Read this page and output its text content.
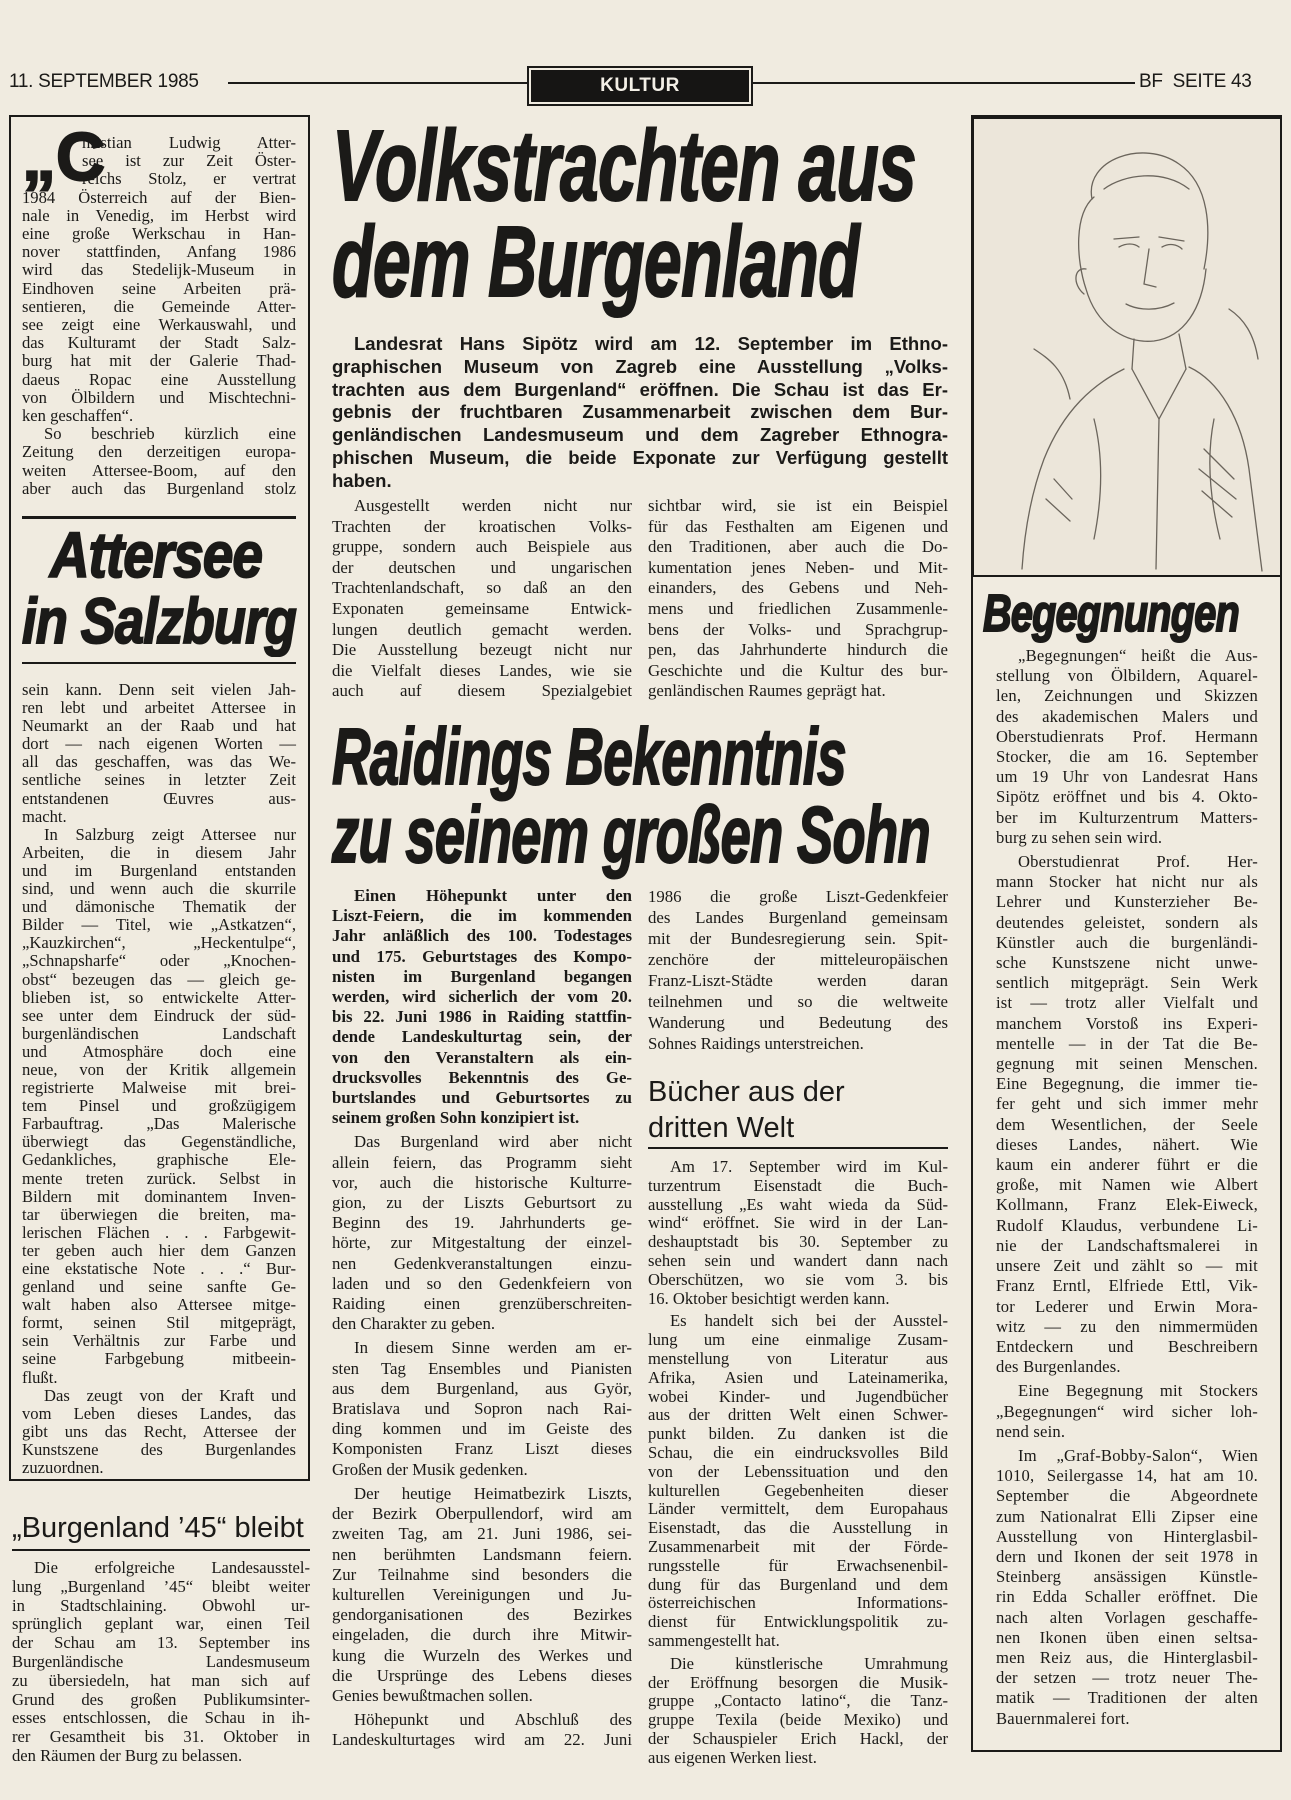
11. SEPTEMBER 1985	KULTUR	BF  SEITE 43
„C
hristian Ludwig Atter-
see ist zur Zeit Öster-
reichs Stolz, er vertrat
1984 Österreich auf der Bien-
nale in Venedig, im Herbst wird
eine große Werkschau in Han-
nover stattfinden, Anfang 1986
wird das Stedelijk-Museum in
Eindhoven seine Arbeiten prä-
sentieren, die Gemeinde Atter-
see zeigt eine Werkauswahl, und
das Kulturamt der Stadt Salz-
burg hat mit der Galerie Thad-
daeus Ropac eine Ausstellung
von Ölbildern und Mischtechni-
ken geschaffen“.
So beschrieb kürzlich eine
Zeitung den derzeitigen europa-
weiten Attersee-Boom, auf den
aber auch das Burgenland stolz
Attersee
in Salzburg
sein kann. Denn seit vielen Jah-
ren lebt und arbeitet Attersee in
Neumarkt an der Raab und hat
dort — nach eigenen Worten —
all das geschaffen, was das We-
sentliche seines in letzter Zeit
entstandenen Œuvres aus-
macht.
In Salzburg zeigt Attersee nur
Arbeiten, die in diesem Jahr
und im Burgenland entstanden
sind, und wenn auch die skurrile
und dämonische Thematik der
Bilder — Titel, wie „Astkatzen“,
„Kauzkirchen“, „Heckentulpe“,
„Schnapsharfe“ oder „Knochen-
obst“ bezeugen das — gleich ge-
blieben ist, so entwickelte Atter-
see unter dem Eindruck der süd-
burgenländischen Landschaft
und Atmosphäre doch eine
neue, von der Kritik allgemein
registrierte Malweise mit brei-
tem Pinsel und großzügigem
Farbauftrag. „Das Malerische
überwiegt das Gegenständliche,
Gedankliches, graphische Ele-
mente treten zurück. Selbst in
Bildern mit dominantem Inven-
tar überwiegen die breiten, ma-
lerischen Flächen . . . Farbgewit-
ter geben auch hier dem Ganzen
eine ekstatische Note . . .“ Bur-
genland und seine sanfte Ge-
walt haben also Attersee mitge-
formt, seinen Stil mitgeprägt,
sein Verhältnis zur Farbe und
seine Farbgebung mitbeein-
flußt.
Das zeugt von der Kraft und
vom Leben dieses Landes, das
gibt uns das Recht, Attersee der
Kunstszene des Burgenlandes
zuzuordnen.
„Burgenland ’45“ bleibt
Die erfolgreiche Landesausstel-
lung „Burgenland ’45“ bleibt weiter
in Stadtschlaining. Obwohl ur-
sprünglich geplant war, einen Teil
der Schau am 13. September ins
Burgenländische Landesmuseum
zu übersiedeln, hat man sich auf
Grund des großen Publikumsinter-
esses entschlossen, die Schau in ih-
rer Gesamtheit bis 31. Oktober in
den Räumen der Burg zu belassen.
Volkstrachten aus
dem Burgenland
Landesrat Hans Sipötz wird am 12. September im Ethno-
graphischen Museum von Zagreb eine Ausstellung „Volks-
trachten aus dem Burgenland“ eröffnen. Die Schau ist das Er-
gebnis der fruchtbaren Zusammenarbeit zwischen dem Bur-
genländischen Landesmuseum und dem Zagreber Ethnogra-
phischen Museum, die beide Exponate zur Verfügung gestellt
haben.
Ausgestellt werden nicht nur
Trachten der kroatischen Volks-
gruppe, sondern auch Beispiele aus
der deutschen und ungarischen
Trachtenlandschaft, so daß an den
Exponaten gemeinsame Entwick-
lungen deutlich gemacht werden.
Die Ausstellung bezeugt nicht nur
die Vielfalt dieses Landes, wie sie
auch auf diesem Spezialgebiet
sichtbar wird, sie ist ein Beispiel
für das Festhalten am Eigenen und
den Traditionen, aber auch die Do-
kumentation jenes Neben- und Mit-
einanders, des Gebens und Neh-
mens und friedlichen Zusammenle-
bens der Volks- und Sprachgrup-
pen, das Jahrhunderte hindurch die
Geschichte und die Kultur des bur-
genländischen Raumes geprägt hat.
Raidings Bekenntnis
zu seinem großen Sohn
Einen Höhepunkt unter den
Liszt-Feiern, die im kommenden
Jahr anläßlich des 100. Todestages
und 175. Geburtstages des Kompo-
nisten im Burgenland begangen
werden, wird sicherlich der vom 20.
bis 22. Juni 1986 in Raiding stattfin-
dende Landeskulturtag sein, der
von den Veranstaltern als ein-
drucksvolles Bekenntnis des Ge-
burtslandes und Geburtsortes zu
seinem großen Sohn konzipiert ist.
Das Burgenland wird aber nicht
allein feiern, das Programm sieht
vor, auch die historische Kulturre-
gion, zu der Liszts Geburtsort zu
Beginn des 19. Jahrhunderts ge-
hörte, zur Mitgestaltung der einzel-
nen Gedenkveranstaltungen einzu-
laden und so den Gedenkfeiern von
Raiding einen grenzüberschreiten-
den Charakter zu geben.
In diesem Sinne werden am er-
sten Tag Ensembles und Pianisten
aus dem Burgenland, aus Györ,
Bratislava und Sopron nach Rai-
ding kommen und im Geiste des
Komponisten Franz Liszt dieses
Großen der Musik gedenken.
Der heutige Heimatbezirk Liszts,
der Bezirk Oberpullendorf, wird am
zweiten Tag, am 21. Juni 1986, sei-
nen berühmten Landsmann feiern.
Zur Teilnahme sind besonders die
kulturellen Vereinigungen und Ju-
gendorganisationen des Bezirkes
eingeladen, die durch ihre Mitwir-
kung die Wurzeln des Werkes und
die Ursprünge des Lebens dieses
Genies bewußtmachen sollen.
Höhepunkt und Abschluß des
Landeskulturtages wird am 22. Juni
1986 die große Liszt-Gedenkfeier
des Landes Burgenland gemeinsam
mit der Bundesregierung sein. Spit-
zenchöre der mitteleuropäischen
Franz-Liszt-Städte werden daran
teilnehmen und so die weltweite
Wanderung und Bedeutung des
Sohnes Raidings unterstreichen.
Bücher aus der
dritten Welt
Am 17. September wird im Kul-
turzentrum Eisenstadt die Buch-
ausstellung „Es waht wieda da Süd-
wind“ eröffnet. Sie wird in der Lan-
deshauptstadt bis 30. September zu
sehen sein und wandert dann nach
Oberschützen, wo sie vom 3. bis
16. Oktober besichtigt werden kann.
Es handelt sich bei der Ausstel-
lung um eine einmalige Zusam-
menstellung von Literatur aus
Afrika, Asien und Lateinamerika,
wobei Kinder- und Jugendbücher
aus der dritten Welt einen Schwer-
punkt bilden. Zu danken ist die
Schau, die ein eindrucksvolles Bild
von der Lebenssituation und den
kulturellen Gegebenheiten dieser
Länder vermittelt, dem Europahaus
Eisenstadt, das die Ausstellung in
Zusammenarbeit mit der Förde-
rungsstelle für Erwachsenenbil-
dung für das Burgenland und dem
österreichischen Informations-
dienst für Entwicklungspolitik zu-
sammengestellt hat.
Die künstlerische Umrahmung
der Eröffnung besorgen die Musik-
gruppe „Contacto latino“, die Tanz-
gruppe Texila (beide Mexiko) und
der Schauspieler Erich Hackl, der
aus eigenen Werken liest.
Begegnungen
„Begegnungen“ heißt die Aus-
stellung von Ölbildern, Aquarel-
len, Zeichnungen und Skizzen
des akademischen Malers und
Oberstudienrats Prof. Hermann
Stocker, die am 16. September
um 19 Uhr von Landesrat Hans
Sipötz eröffnet und bis 4. Okto-
ber im Kulturzentrum Matters-
burg zu sehen sein wird.
Oberstudienrat Prof. Her-
mann Stocker hat nicht nur als
Lehrer und Kunsterzieher Be-
deutendes geleistet, sondern als
Künstler auch die burgenländi-
sche Kunstszene nicht unwe-
sentlich mitgeprägt. Sein Werk
ist — trotz aller Vielfalt und
manchem Vorstoß ins Experi-
mentelle — in der Tat die Be-
gegnung mit seinen Menschen.
Eine Begegnung, die immer tie-
fer geht und sich immer mehr
dem Wesentlichen, der Seele
dieses Landes, nähert. Wie
kaum ein anderer führt er die
große, mit Namen wie Albert
Kollmann, Franz Elek-Eiweck,
Rudolf Klaudus, verbundene Li-
nie der Landschaftsmalerei in
unsere Zeit und zählt so — mit
Franz Erntl, Elfriede Ettl, Vik-
tor Lederer und Erwin Mora-
witz — zu den nimmermüden
Entdeckern und Beschreibern
des Burgenlandes.
Eine Begegnung mit Stockers
„Begegnungen“ wird sicher loh-
nend sein.
Im „Graf-Bobby-Salon“, Wien
1010, Seilergasse 14, hat am 10.
September die Abgeordnete
zum Nationalrat Elli Zipser eine
Ausstellung von Hinterglasbil-
dern und Ikonen der seit 1978 in
Steinberg ansässigen Künstle-
rin Edda Schaller eröffnet. Die
nach alten Vorlagen geschaffe-
nen Ikonen üben einen seltsa-
men Reiz aus, die Hinterglasbil-
der setzen — trotz neuer The-
matik — Traditionen der alten
Bauernmalerei fort.
